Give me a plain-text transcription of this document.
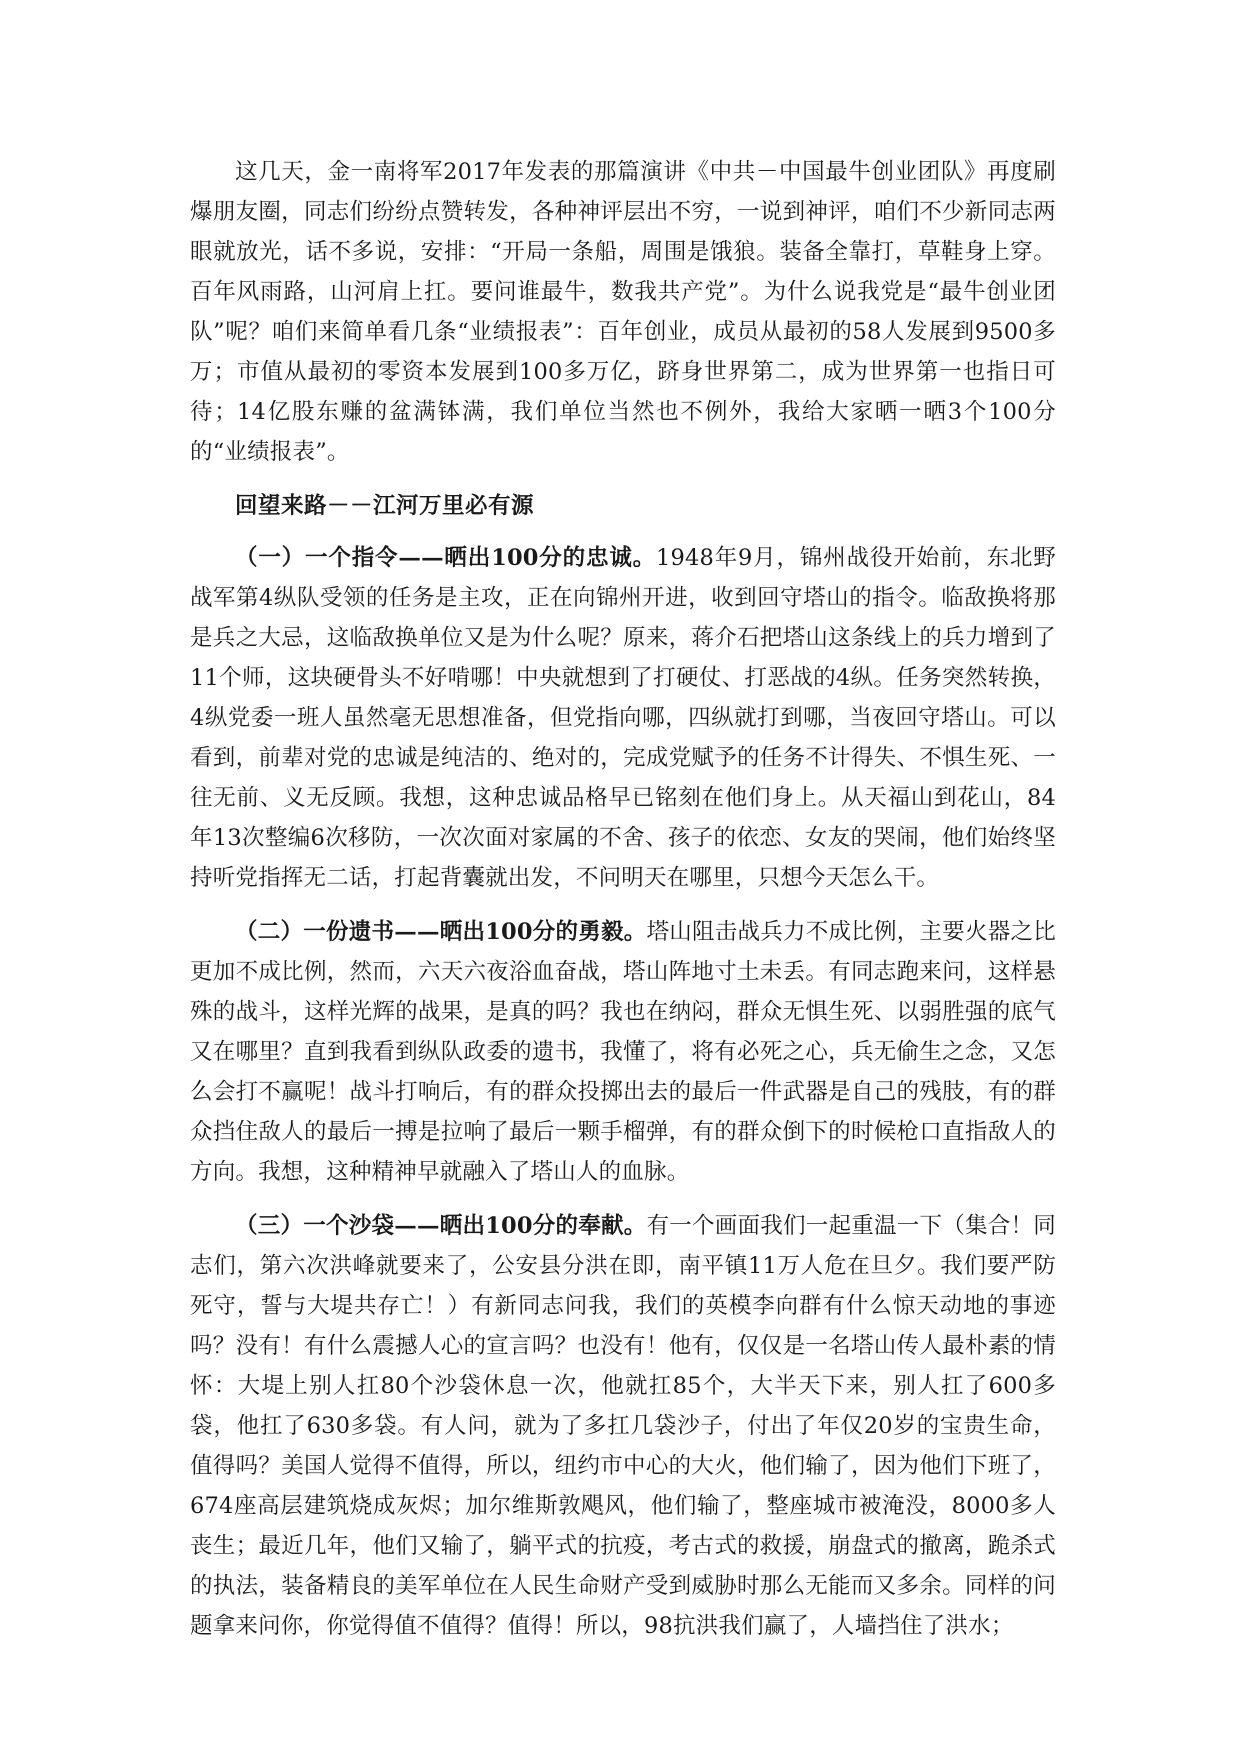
这几天，金一南将军2017年发表的那篇演讲《中共－中国最牛创业团队》再度刷爆朋友圈，同志们纷纷点赞转发，各种神评层出不穷，一说到神评，咱们不少新同志两眼就放光，话不多说，安排：“开局一条船，周围是饿狼。装备全靠打，草鞋身上穿。百年风雨路，山河肩上扛。要问谁最牛，数我共产党”。为什么说我党是“最牛创业团队”呢？咱们来简单看几条“业绩报表”：百年创业，成员从最初的58人发展到9500多万；市值从最初的零资本发展到100多万亿，跻身世界第二，成为世界第一也指日可待；14亿股东赚的盆满钵满，我们单位当然也不例外，我给大家晒一晒3个100分的“业绩报表”。

回望来路－－江河万里必有源

（一）一个指令——晒出100分的忠诚。1948年9月，锦州战役开始前，东北野战军第4纵队受领的任务是主攻，正在向锦州开进，收到回守塔山的指令。临敌换将那是兵之大忌，这临敌换单位又是为什么呢？原来，蒋介石把塔山这条线上的兵力增到了11个师，这块硬骨头不好啃哪！中央就想到了打硬仗、打恶战的4纵。任务突然转换，4纵党委一班人虽然毫无思想准备，但党指向哪，四纵就打到哪，当夜回守塔山。可以看到，前辈对党的忠诚是纯洁的、绝对的，完成党赋予的任务不计得失、不惧生死、一往无前、义无反顾。我想，这种忠诚品格早已铭刻在他们身上。从天福山到花山，84年13次整编6次移防，一次次面对家属的不舍、孩子的依恋、女友的哭闹，他们始终坚持听党指挥无二话，打起背囊就出发，不问明天在哪里，只想今天怎么干。

（二）一份遗书——晒出100分的勇毅。塔山阻击战兵力不成比例，主要火器之比更加不成比例，然而，六天六夜浴血奋战，塔山阵地寸土未丢。有同志跑来问，这样悬殊的战斗，这样光辉的战果，是真的吗？我也在纳闷，群众无惧生死、以弱胜强的底气又在哪里？直到我看到纵队政委的遗书，我懂了，将有必死之心，兵无偷生之念，又怎么会打不赢呢！战斗打响后，有的群众投掷出去的最后一件武器是自己的残肢，有的群众挡住敌人的最后一搏是拉响了最后一颗手榴弹，有的群众倒下的时候枪口直指敌人的方向。我想，这种精神早就融入了塔山人的血脉。

（三）一个沙袋——晒出100分的奉献。有一个画面我们一起重温一下（集合！同志们，第六次洪峰就要来了，公安县分洪在即，南平镇11万人危在旦夕。我们要严防死守，誓与大堤共存亡！）有新同志问我，我们的英模李向群有什么惊天动地的事迹吗？没有！有什么震撼人心的宣言吗？也没有！他有，仅仅是一名塔山传人最朴素的情怀：大堤上别人扛80个沙袋休息一次，他就扛85个，大半天下来，别人扛了600多袋，他扛了630多袋。有人问，就为了多扛几袋沙子，付出了年仅20岁的宝贵生命，值得吗？美国人觉得不值得，所以，纽约市中心的大火，他们输了，因为他们下班了，674座高层建筑烧成灰烬；加尔维斯敦飓风，他们输了，整座城市被淹没，8000多人丧生；最近几年，他们又输了，躺平式的抗疫，考古式的救援，崩盘式的撤离，跪杀式的执法，装备精良的美军单位在人民生命财产受到威胁时那么无能而又多余。同样的问题拿来问你，你觉得值不值得？值得！所以，98抗洪我们赢了，人墙挡住了洪水；
